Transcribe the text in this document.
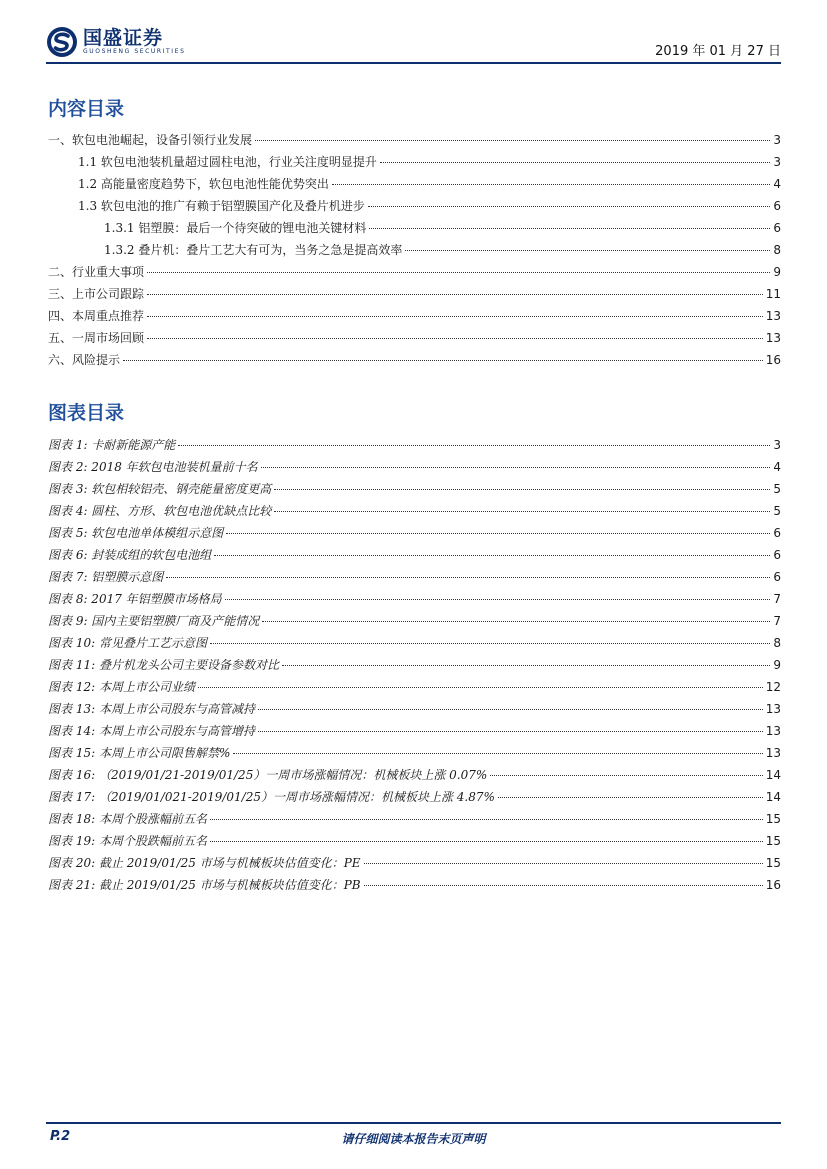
国盛证券
GUOSHENG SECURITIES	2019 年 01 月 27 日
内容目录
一、软包电池崛起，设备引领行业发展	3
1.1 软包电池装机量超过圆柱电池，行业关注度明显提升	3
1.2 高能量密度趋势下，软包电池性能优势突出	4
1.3 软包电池的推广有赖于铝塑膜国产化及叠片机进步	6
1.3.1 铝塑膜：最后一个待突破的锂电池关键材料	6
1.3.2 叠片机：叠片工艺大有可为，当务之急是提高效率	8
二、行业重大事项	9
三、上市公司跟踪	11
四、本周重点推荐	13
五、一周市场回顾	13
六、风险提示	16
图表目录
图表 1: 卡耐新能源产能	3
图表 2: 2018 年软包电池装机量前十名	4
图表 3: 软包相较铝壳、钢壳能量密度更高	5
图表 4: 圆柱、方形、软包电池优缺点比较	5
图表 5: 软包电池单体模组示意图	6
图表 6: 封装成组的软包电池组	6
图表 7: 铝塑膜示意图	6
图表 8: 2017 年铝塑膜市场格局	7
图表 9: 国内主要铝塑膜厂商及产能情况	7
图表 10: 常见叠片工艺示意图	8
图表 11: 叠片机龙头公司主要设备参数对比	9
图表 12: 本周上市公司业绩	12
图表 13: 本周上市公司股东与高管减持	13
图表 14: 本周上市公司股东与高管增持	13
图表 15: 本周上市公司限售解禁%	13
图表 16: （2019/01/21-2019/01/25）一周市场涨幅情况：机械板块上涨 0.07%	14
图表 17: （2019/01/021-2019/01/25）一周市场涨幅情况：机械板块上涨 4.87%	14
图表 18: 本周个股涨幅前五名	15
图表 19: 本周个股跌幅前五名	15
图表 20: 截止 2019/01/25 市场与机械板块估值变化：PE	15
图表 21: 截止 2019/01/25 市场与机械板块估值变化：PB	16
P.2	请仔细阅读本报告末页声明
